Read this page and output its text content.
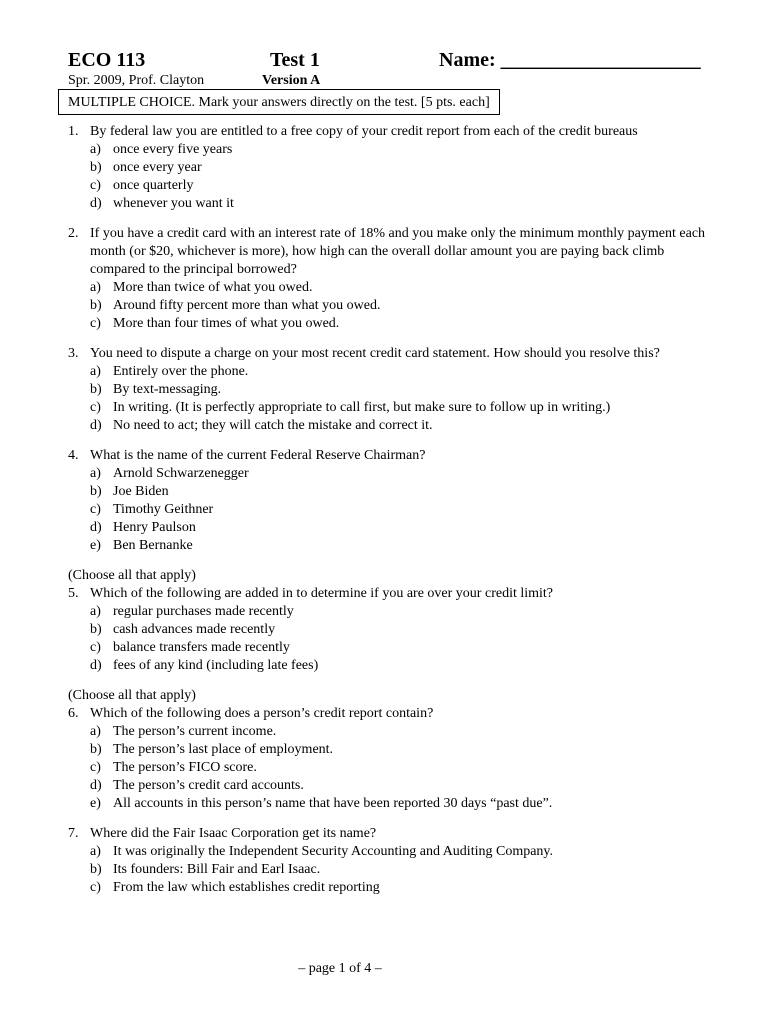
ECO 113	Test 1	Name: ____________________
Spr. 2009, Prof. Clayton	Version A
MULTIPLE CHOICE. Mark your answers directly on the test. [5 pts. each]
1. By federal law you are entitled to a free copy of your credit report from each of the credit bureaus
a) once every five years
b) once every year
c) once quarterly
d) whenever you want it
2. If you have a credit card with an interest rate of 18% and you make only the minimum monthly payment each month (or $20, whichever is more), how high can the overall dollar amount you are paying back climb compared to the principal borrowed?
a) More than twice of what you owed.
b) Around fifty percent more than what you owed.
c) More than four times of what you owed.
3. You need to dispute a charge on your most recent credit card statement. How should you resolve this?
a) Entirely over the phone.
b) By text-messaging.
c) In writing. (It is perfectly appropriate to call first, but make sure to follow up in writing.)
d) No need to act; they will catch the mistake and correct it.
4. What is the name of the current Federal Reserve Chairman?
a) Arnold Schwarzenegger
b) Joe Biden
c) Timothy Geithner
d) Henry Paulson
e) Ben Bernanke
(Choose all that apply)
5. Which of the following are added in to determine if you are over your credit limit?
a) regular purchases made recently
b) cash advances made recently
c) balance transfers made recently
d) fees of any kind (including late fees)
(Choose all that apply)
6. Which of the following does a person’s credit report contain?
a) The person’s current income.
b) The person’s last place of employment.
c) The person’s FICO score.
d) The person’s credit card accounts.
e) All accounts in this person’s name that have been reported 30 days “past due”.
7. Where did the Fair Isaac Corporation get its name?
a) It was originally the Independent Security Accounting and Auditing Company.
b) Its founders: Bill Fair and Earl Isaac.
c) From the law which establishes credit reporting
– page 1 of 4 –
